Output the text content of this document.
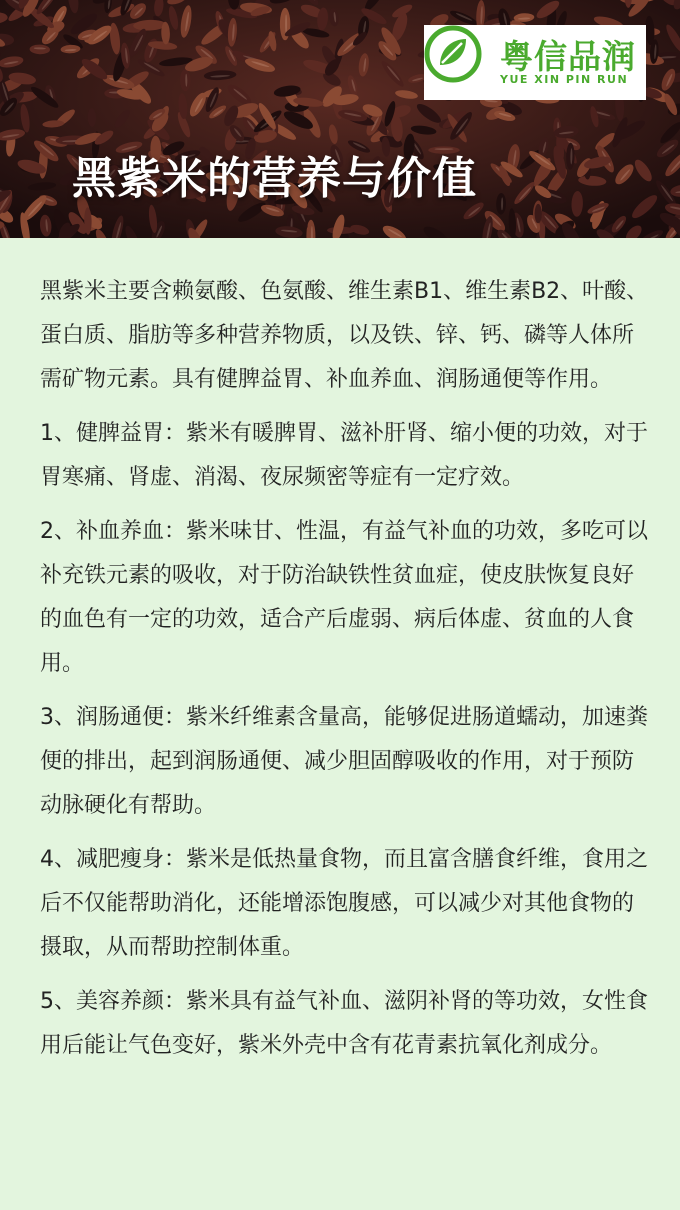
黑紫米的营养与价值
粤信品润
YUE XIN PIN RUN

黑紫米主要含赖氨酸、色氨酸、维生素B1、维生素B2、叶酸、蛋白质、脂肪等多种营养物质，以及铁、锌、钙、磷等人体所需矿物元素。具有健脾益胃、补血养血、润肠通便等作用。

1、健脾益胃：紫米有暖脾胃、滋补肝肾、缩小便的功效，对于胃寒痛、肾虚、消渴、夜尿频密等症有一定疗效。

2、补血养血：紫米味甘、性温，有益气补血的功效，多吃可以补充铁元素的吸收，对于防治缺铁性贫血症，使皮肤恢复良好的血色有一定的功效，适合产后虚弱、病后体虚、贫血的人食用。

3、润肠通便：紫米纤维素含量高，能够促进肠道蠕动，加速粪便的排出，起到润肠通便、减少胆固醇吸收的作用，对于预防动脉硬化有帮助。

4、减肥瘦身：紫米是低热量食物，而且富含膳食纤维，食用之后不仅能帮助消化，还能增添饱腹感，可以减少对其他食物的摄取，从而帮助控制体重。

5、美容养颜：紫米具有益气补血、滋阴补肾的等功效，女性食用后能让气色变好，紫米外壳中含有花青素抗氧化剂成分。
